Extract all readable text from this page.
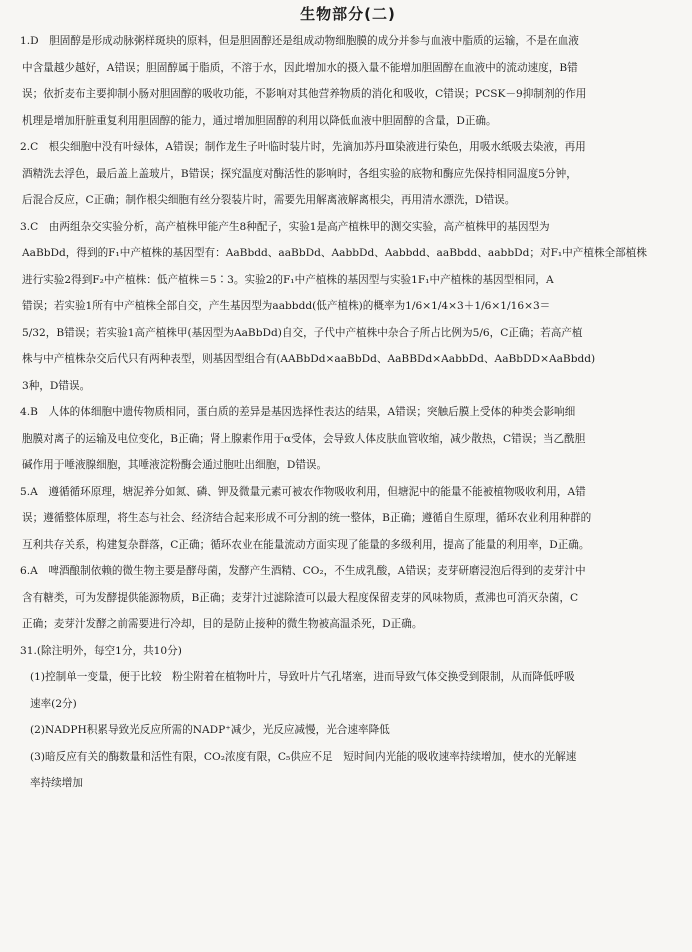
生物部分(二)
1.D　胆固醇是形成动脉粥样斑块的原料，但是胆固醇还是组成动物细胞膜的成分并参与血液中脂质的运输，不是在血液
中含量越少越好，A错误；胆固醇属于脂质，不溶于水，因此增加水的摄入量不能增加胆固醇在血液中的流动速度，B错
误；依折麦布主要抑制小肠对胆固醇的吸收功能，不影响对其他营养物质的消化和吸收，C错误；PCSK－9抑制剂的作用
机理是增加肝脏重复利用胆固醇的能力，通过增加胆固醇的利用以降低血液中胆固醇的含量，D正确。
2.C　根尖细胞中没有叶绿体，A错误；制作龙生子叶临时装片时，先滴加苏丹Ⅲ染液进行染色，用吸水纸吸去染液，再用
酒精洗去浮色，最后盖上盖玻片，B错误；探究温度对酶活性的影响时，各组实验的底物和酶应先保持相同温度5分钟，
后混合反应，C正确；制作根尖细胞有丝分裂装片时，需要先用解离液解离根尖，再用清水漂洗，D错误。
3.C　由两组杂交实验分析，高产植株甲能产生8种配子，实验1是高产植株甲的测交实验，高产植株甲的基因型为
AaBbDd，得到的F₁中产植株的基因型有：AaBbdd、aaBbDd、AabbDd、Aabbdd、aaBbdd、aabbDd；对F₁中产植株全部植株
进行实验2得到F₂中产植株：低产植株＝5∶3。实验2的F₁中产植株的基因型与实验1F₁中产植株的基因型相同，A
错误；若实验1所有中产植株全部自交，产生基因型为aabbdd(低产植株)的概率为1/6×1/4×3＋1/6×1/16×3＝
5/32，B错误；若实验1高产植株甲(基因型为AaBbDd)自交，子代中产植株中杂合子所占比例为5/6，C正确；若高产植
株与中产植株杂交后代只有两种表型，则基因型组合有(AABbDd×aaBbDd、AaBBDd×AabbDd、AaBbDD×AaBbdd)
3种，D错误。
4.B　人体的体细胞中遗传物质相同，蛋白质的差异是基因选择性表达的结果，A错误；突触后膜上受体的种类会影响细
胞膜对离子的运输及电位变化，B正确；肾上腺素作用于α受体，会导致人体皮肤血管收缩，减少散热，C错误；当乙酰胆
碱作用于唾液腺细胞，其唾液淀粉酶会通过胞吐出细胞，D错误。
5.A　遵循循环原理，塘泥养分如氮、磷、钾及微量元素可被农作物吸收利用，但塘泥中的能量不能被植物吸收利用，A错
误；遵循整体原理，将生态与社会、经济结合起来形成不可分割的统一整体，B正确；遵循自生原理，循环农业利用种群的
互利共存关系，构建复杂群落，C正确；循环农业在能量流动方面实现了能量的多级利用，提高了能量的利用率，D正确。
6.A　啤酒酿制依赖的微生物主要是酵母菌，发酵产生酒精、CO₂，不生成乳酸，A错误；麦芽研磨浸泡后得到的麦芽汁中
含有糖类，可为发酵提供能源物质，B正确；麦芽汁过滤除渣可以最大程度保留麦芽的风味物质，煮沸也可消灭杂菌，C
正确；麦芽汁发酵之前需要进行冷却，目的是防止接种的微生物被高温杀死，D正确。
31.(除注明外，每空1分，共10分)
(1)控制单一变量，便于比较　粉尘附着在植物叶片，导致叶片气孔堵塞，进而导致气体交换受到限制，从而降低呼吸
速率(2分)
(2)NADPH积累导致光反应所需的NADP⁺减少，光反应减慢，光合速率降低
(3)暗反应有关的酶数量和活性有限，CO₂浓度有限，C₅供应不足　短时间内光能的吸收速率持续增加，使水的光解速
率持续增加
